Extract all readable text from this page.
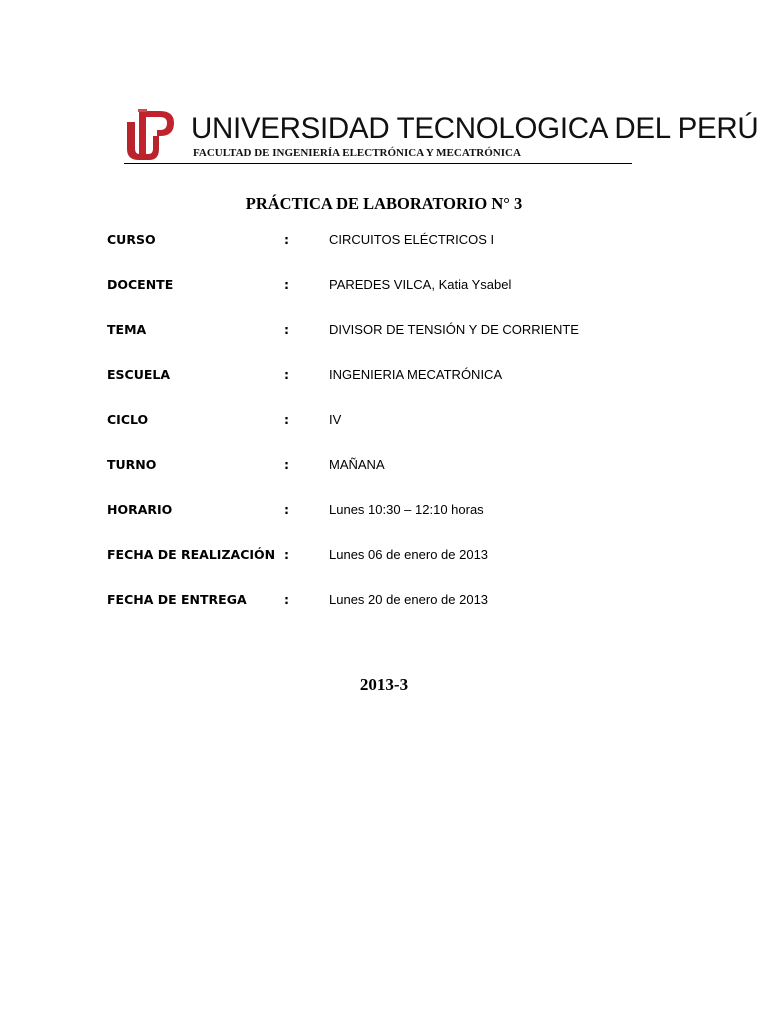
UNIVERSIDAD TECNOLOGICA DEL PERÚ
FACULTAD DE INGENIERÍA ELECTRÓNICA Y MECATRÓNICA
PRÁCTICA DE LABORATORIO N° 3
CURSO	:	CIRCUITOS ELÉCTRICOS I
DOCENTE	:	PAREDES VILCA, Katia Ysabel
TEMA	:	DIVISOR DE TENSIÓN Y DE CORRIENTE
ESCUELA	:	INGENIERIA MECATRÓNICA
CICLO	:	IV
TURNO	:	MAÑANA
HORARIO	:	Lunes 10:30 – 12:10 horas
FECHA DE REALIZACIÓN :	Lunes 06 de enero de 2013
FECHA DE ENTREGA	:	Lunes 20 de enero de 2013
2013-3
